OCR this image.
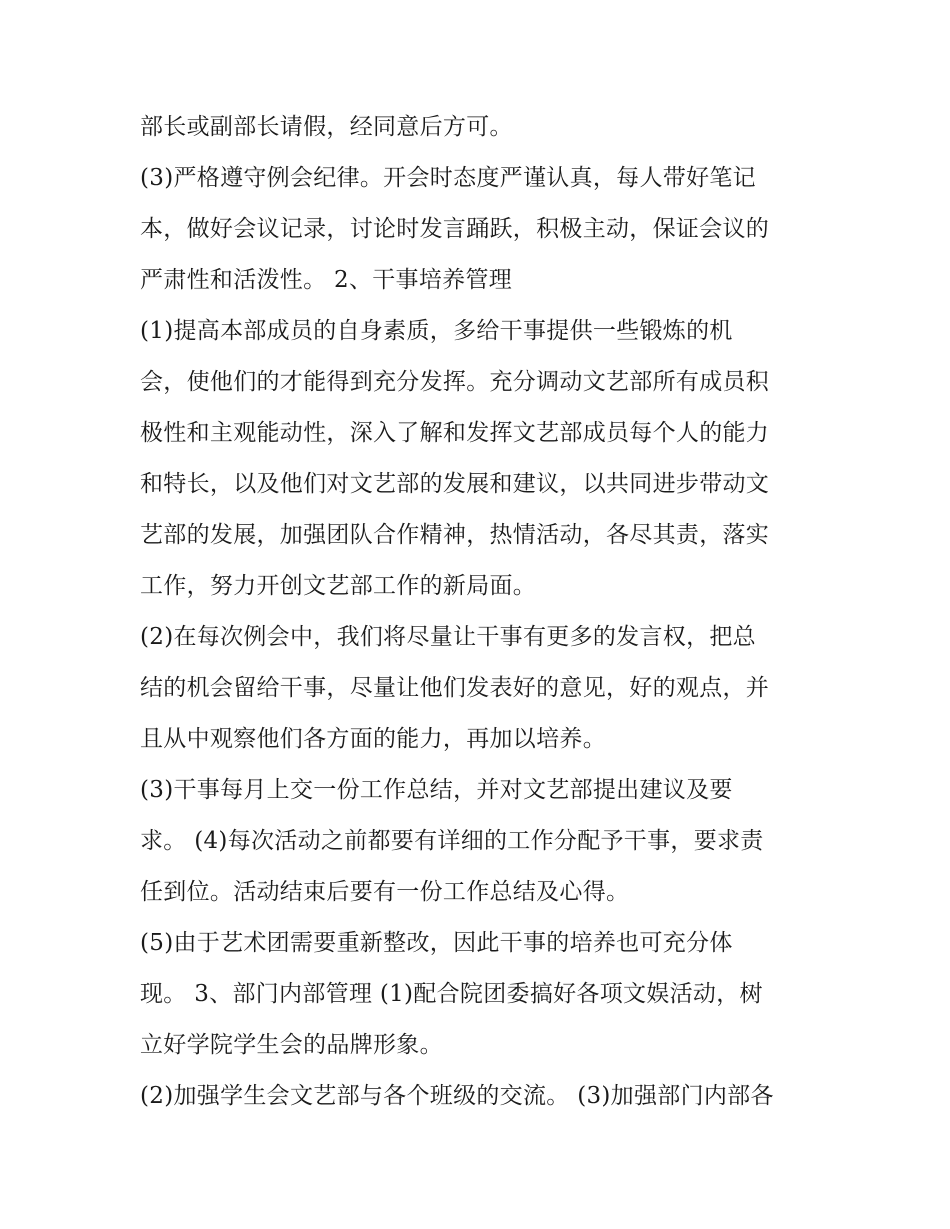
部长或副部长请假，经同意后方可。
(3)严格遵守例会纪律。开会时态度严谨认真，每人带好笔记
本，做好会议记录，讨论时发言踊跃，积极主动，保证会议的
严肃性和活泼性。 2、干事培养管理
(1)提高本部成员的自身素质，多给干事提供一些锻炼的机
会，使他们的才能得到充分发挥。充分调动文艺部所有成员积
极性和主观能动性，深入了解和发挥文艺部成员每个人的能力
和特长，以及他们对文艺部的发展和建议，以共同进步带动文
艺部的发展，加强团队合作精神，热情活动，各尽其责，落实
工作，努力开创文艺部工作的新局面。
(2)在每次例会中，我们将尽量让干事有更多的发言权，把总
结的机会留给干事，尽量让他们发表好的意见，好的观点，并
且从中观察他们各方面的能力，再加以培养。
(3)干事每月上交一份工作总结，并对文艺部提出建议及要
求。 (4)每次活动之前都要有详细的工作分配予干事，要求责
任到位。活动结束后要有一份工作总结及心得。
(5)由于艺术团需要重新整改，因此干事的培养也可充分体
现。 3、部门内部管理 (1)配合院团委搞好各项文娱活动，树
立好学院学生会的品牌形象。
(2)加强学生会文艺部与各个班级的交流。 (3)加强部门内部各
